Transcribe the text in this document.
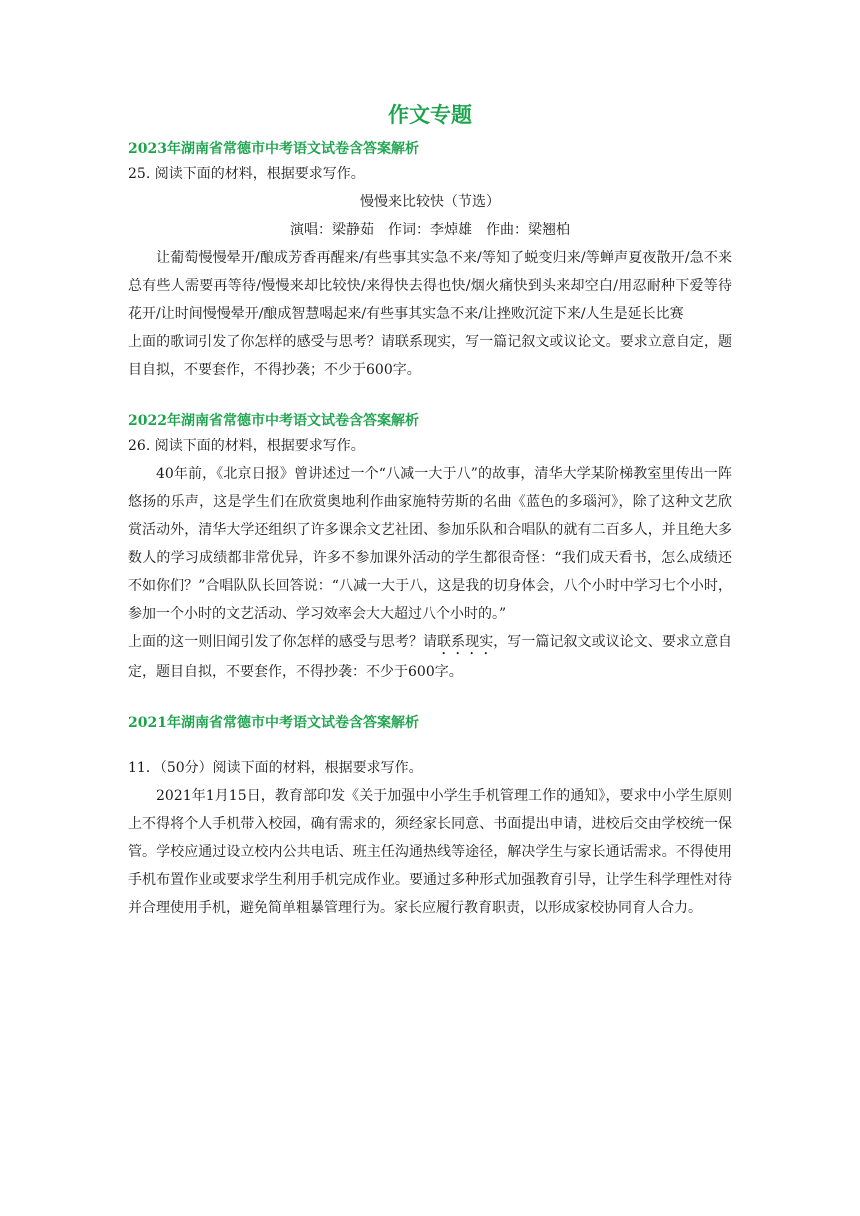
作文专题
2023年湖南省常德市中考语文试卷含答案解析

25. 阅读下面的材料，根据要求写作。

慢慢来比较快（节选）

演唱：梁静茹　作词：李焯雄　作曲：梁翘柏

让葡萄慢慢晕开/酿成芳香再醒来/有些事其实急不来/等知了蜕变归来/等蝉声夏夜散开/急不来总有些人需要再等待/慢慢来却比较快/来得快去得也快/烟火痛快到头来却空白/用忍耐种下爱等待花开/让时间慢慢晕开/酿成智慧喝起来/有些事其实急不来/让挫败沉淀下来/人生是延长比赛

上面的歌词引发了你怎样的感受与思考？请联系现实，写一篇记叙文或议论文。要求立意自定，题目自拟，不要套作，不得抄袭；不少于600字。

2022年湖南省常德市中考语文试卷含答案解析

26. 阅读下面的材料，根据要求写作。

40年前，《北京日报》曾讲述过一个“八减一大于八”的故事，清华大学某阶梯教室里传出一阵悠扬的乐声，这是学生们在欣赏奥地利作曲家施特劳斯的名曲《蓝色的多瑙河》，除了这种文艺欣赏活动外，清华大学还组织了许多课余文艺社团、参加乐队和合唱队的就有二百多人，并且绝大多数人的学习成绩都非常优异，许多不参加课外活动的学生都很奇怪：“我们成天看书，怎么成绩还不如你们？”合唱队队长回答说：“八减一大于八，这是我的切身体会，八个小时中学习七个小时，参加一个小时的文艺活动、学习效率会大大超过八个小时的。”

上面的这一则旧闻引发了你怎样的感受与思考？请联系现实，写一篇记叙文或议论文、要求立意自定，题目自拟，不要套作，不得抄袭：不少于600字。

2021年湖南省常德市中考语文试卷含答案解析

11．（50分）阅读下面的材料，根据要求写作。

2021年1月15日，教育部印发《关于加强中小学生手机管理工作的通知》，要求中小学生原则上不得将个人手机带入校园，确有需求的，须经家长同意、书面提出申请，进校后交由学校统一保管。学校应通过设立校内公共电话、班主任沟通热线等途径，解决学生与家长通话需求。不得使用手机布置作业或要求学生利用手机完成作业。要通过多种形式加强教育引导，让学生科学理性对待并合理使用手机，避免简单粗暴管理行为。家长应履行教育职责，以形成家校协同育人合力。
